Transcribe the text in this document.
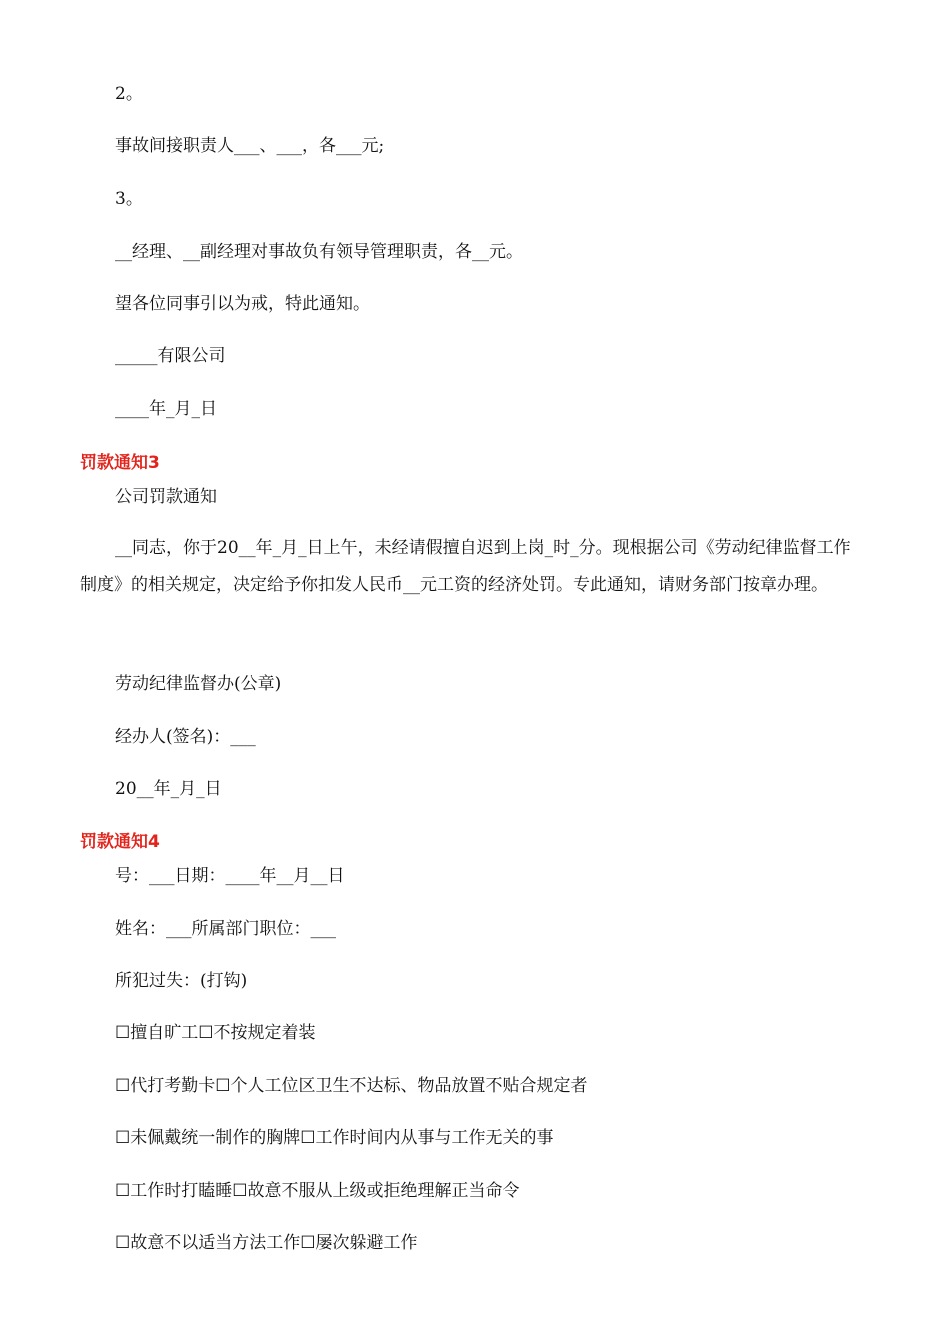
2。
事故间接职责人___、___，各___元;
3。
__经理、__副经理对事故负有领导管理职责，各__元。
望各位同事引以为戒，特此通知。
_____有限公司
____年_月_日
罚款通知3
公司罚款通知
__同志，你于20__年_月_日上午，未经请假擅自迟到上岗_时_分。现根据公司《劳动纪律监督工作制度》的相关规定，决定给予你扣发人民币__元工资的经济处罚。专此通知，请财务部门按章办理。
劳动纪律监督办(公章)
经办人(签名)：___
20__年_月_日
罚款通知4
号：___日期：____年__月__日
姓名：___所属部门职位：___
所犯过失：(打钩)
☐擅自旷工☐不按规定着装
☐代打考勤卡☐个人工位区卫生不达标、物品放置不贴合规定者
☐未佩戴统一制作的胸牌☐工作时间内从事与工作无关的事
☐工作时打瞌睡☐故意不服从上级或拒绝理解正当命令
☐故意不以适当方法工作☐屡次躲避工作
